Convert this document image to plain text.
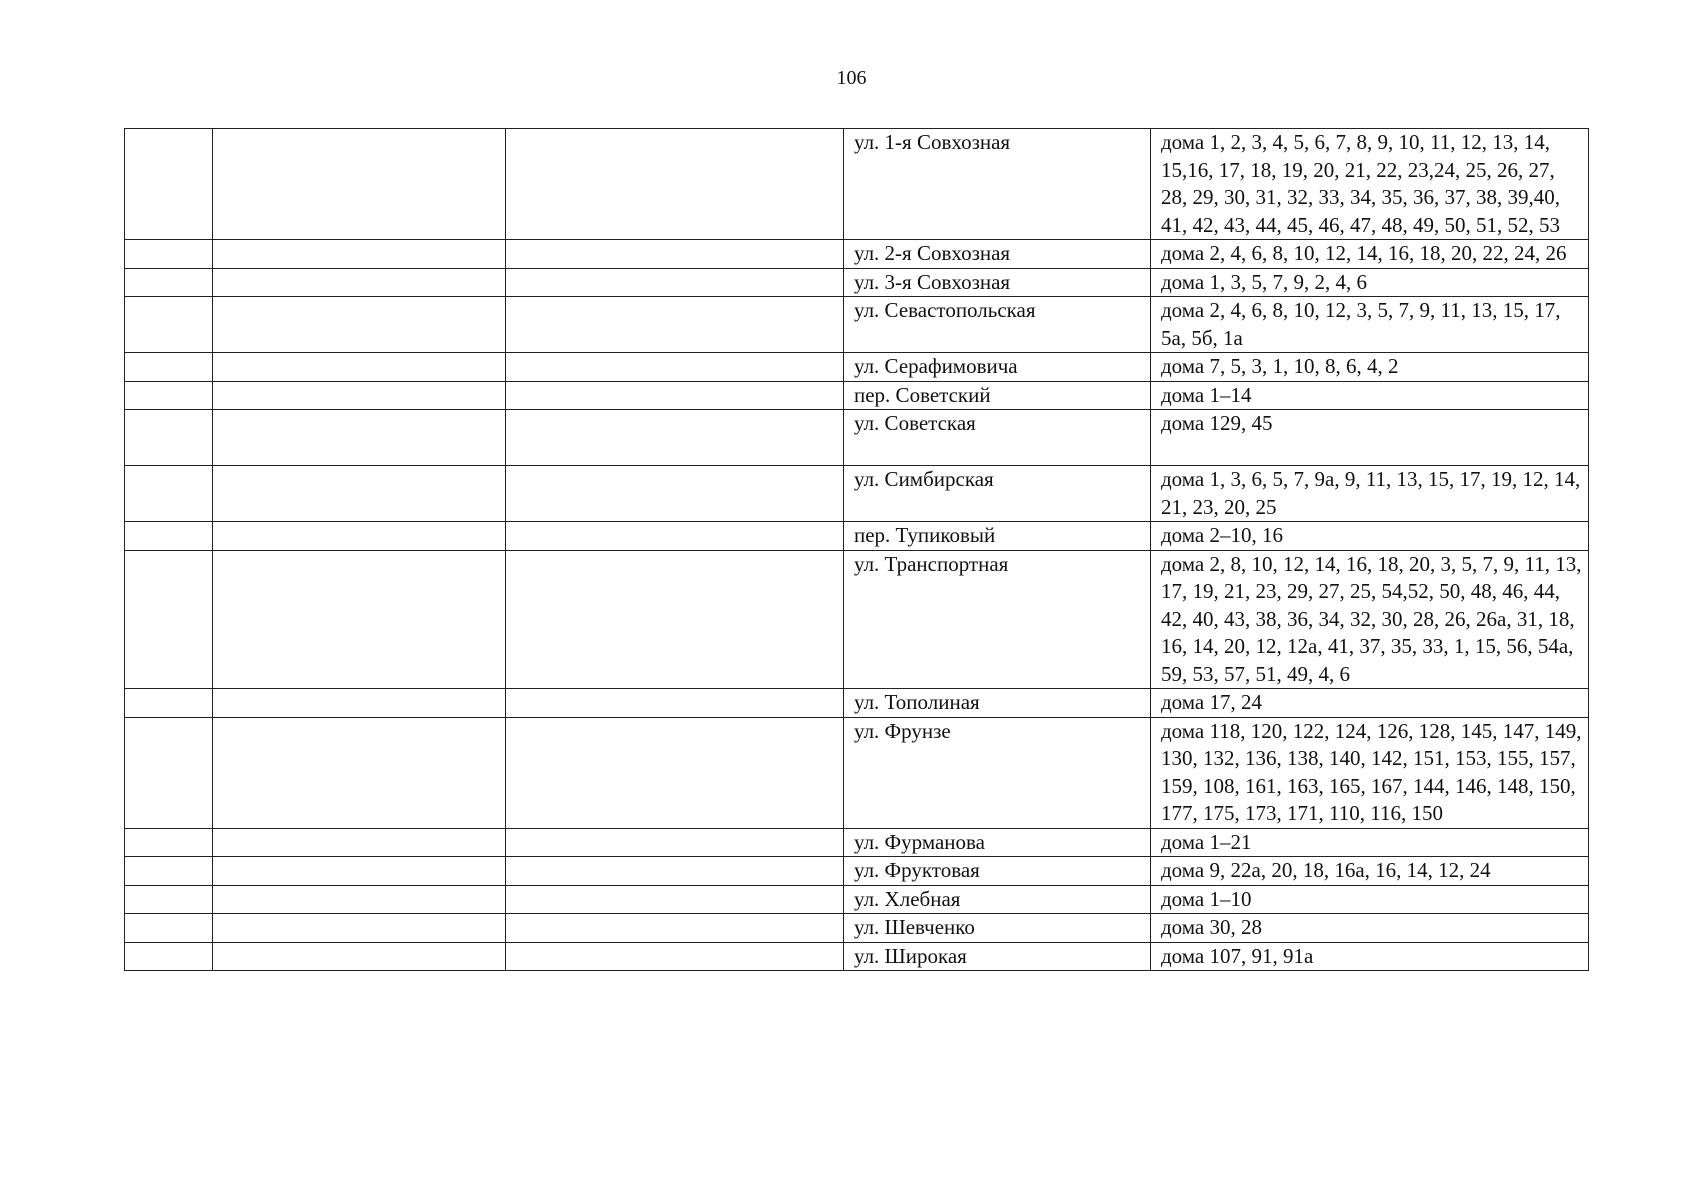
106
			ул. 1-я Совхозная	дома 1, 2, 3, 4, 5, 6, 7, 8, 9, 10, 11, 12, 13, 14, 15,16, 17, 18, 19, 20, 21, 22, 23,24, 25, 26, 27, 28, 29, 30, 31, 32, 33, 34, 35, 36, 37, 38, 39,40, 41, 42, 43, 44, 45, 46, 47, 48, 49, 50, 51, 52, 53
			ул. 2-я Совхозная	дома 2, 4, 6, 8, 10, 12, 14, 16, 18, 20, 22, 24, 26
			ул. 3-я Совхозная	дома 1, 3, 5, 7, 9, 2, 4, 6
			ул. Севастопольская	дома 2, 4, 6, 8, 10, 12, 3, 5, 7, 9, 11, 13, 15, 17, 5а, 5б, 1а
			ул. Серафимовича	дома 7, 5, 3, 1, 10, 8, 6, 4, 2
			пер. Советский	дома 1–14
			ул. Советская	дома 129, 45
			ул. Симбирская	дома 1, 3, 6, 5, 7, 9а, 9, 11, 13, 15, 17, 19, 12, 14, 21, 23, 20, 25
			пер. Тупиковый	дома 2–10, 16
			ул. Транспортная	дома 2, 8, 10, 12, 14, 16, 18, 20, 3, 5, 7, 9, 11, 13, 17, 19, 21, 23, 29, 27, 25, 54,52, 50, 48, 46, 44, 42, 40, 43, 38, 36, 34, 32, 30, 28, 26, 26а, 31, 18, 16, 14, 20, 12, 12а, 41, 37, 35, 33, 1, 15, 56, 54а, 59, 53, 57, 51, 49, 4, 6
			ул. Тополиная	дома 17, 24
			ул. Фрунзе	дома 118, 120, 122, 124, 126, 128, 145, 147, 149, 130, 132, 136, 138, 140, 142, 151, 153, 155, 157, 159, 108, 161, 163, 165, 167, 144, 146, 148, 150, 177, 175, 173, 171, 110, 116, 150
			ул. Фурманова	дома 1–21
			ул. Фруктовая	дома 9, 22а, 20, 18, 16а, 16, 14, 12, 24
			ул. Хлебная	дома 1–10
			ул. Шевченко	дома 30, 28
			ул. Широкая	дома 107, 91, 91а
